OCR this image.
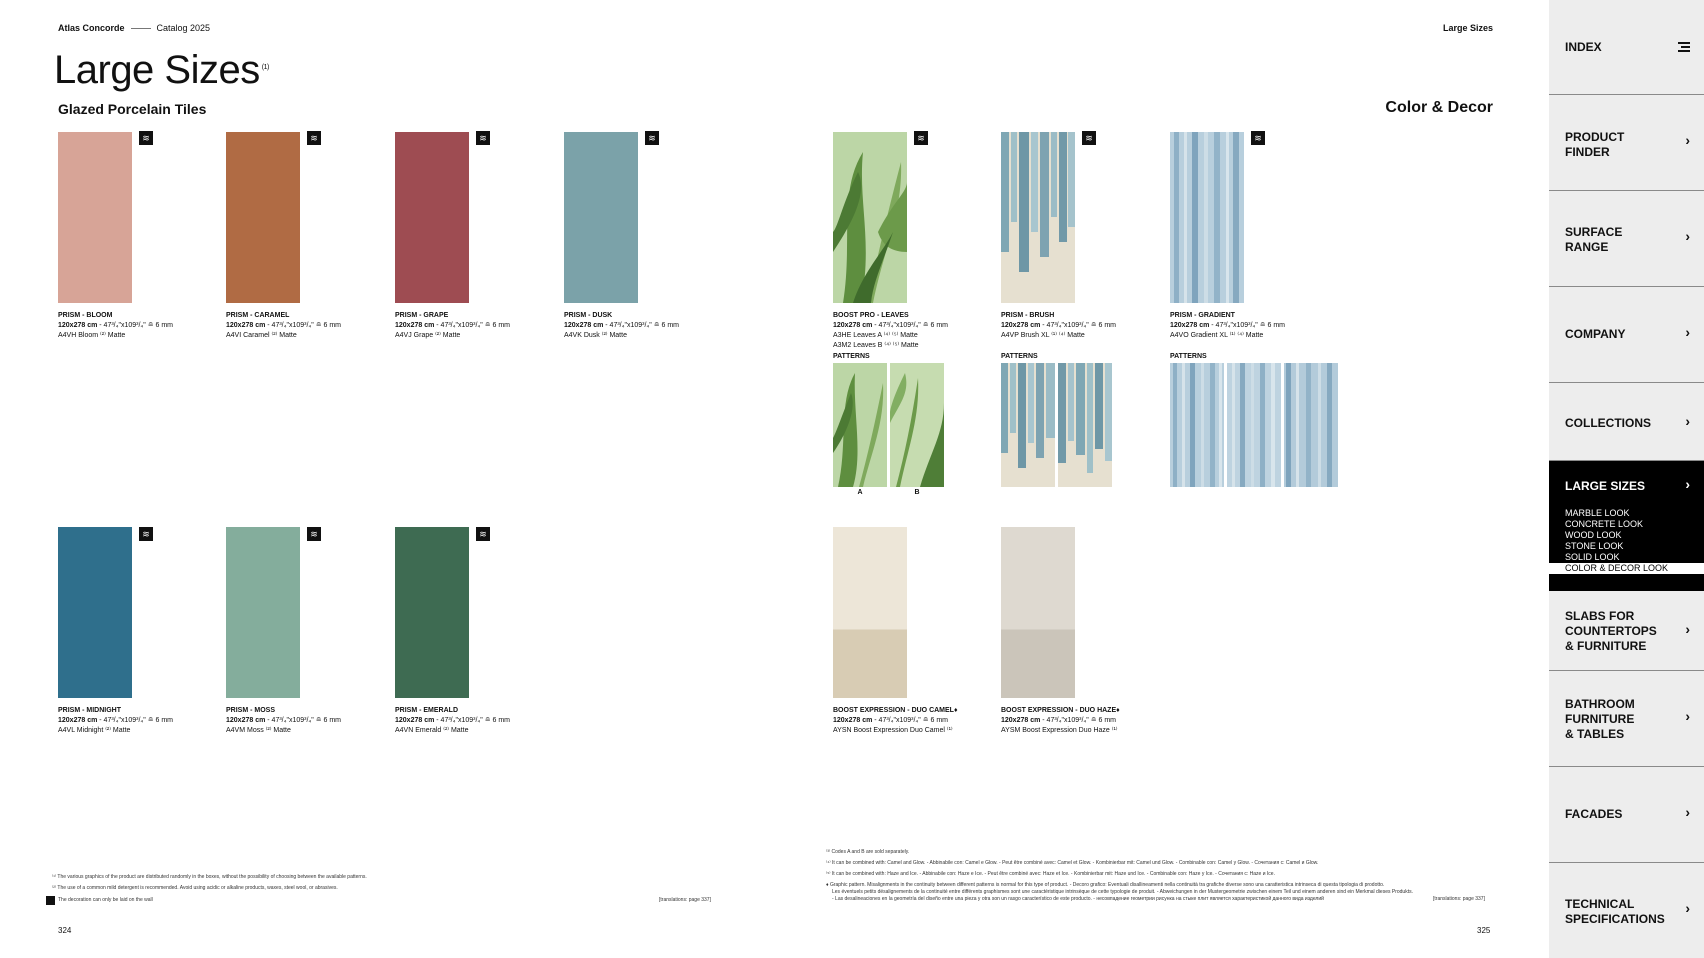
Atlas Concorde	Catalog 2025	Large Sizes
Large Sizes $^{(1)}$
Glazed Porcelain Tiles	Color & Decor
≋	≋	≋	≋	≋	≋	≋
≋	≋	≋
PRISM - BLOOM
120x278 cm - 47³/₄"x109³/₄" ≘ 6 mm
A4VH Bloom ⁽²⁾ Matte
PRISM - CARAMEL
120x278 cm - 47³/₄"x109³/₄" ≘ 6 mm
A4VI Caramel ⁽²⁾ Matte
PRISM - GRAPE
120x278 cm - 47³/₄"x109³/₄" ≘ 6 mm
A4VJ Grape ⁽²⁾ Matte
PRISM - DUSK
120x278 cm - 47³/₄"x109³/₄" ≘ 6 mm
A4VK Dusk ⁽²⁾ Matte
BOOST PRO - LEAVES
120x278 cm - 47³/₄"x109³/₄" ≘ 6 mm
A3HE Leaves A ⁽⁴⁾ ⁽⁵⁾ Matte
A3M2 Leaves B ⁽⁴⁾ ⁽⁵⁾ Matte
PRISM - BRUSH
120x278 cm - 47³/₄"x109³/₄" ≘ 6 mm
A4VP Brush XL ⁽¹⁾ ⁽⁴⁾ Matte
PRISM - GRADIENT
120x278 cm - 47³/₄"x109³/₄" ≘ 6 mm
A4VO Gradient XL ⁽¹⁾ ⁽⁴⁾ Matte
PATTERNS	PATTERNS	PATTERNS
A	B
PRISM - MIDNIGHT
120x278 cm - 47³/₄"x109³/₄" ≘ 6 mm
A4VL Midnight ⁽²⁾ Matte
PRISM - MOSS
120x278 cm - 47³/₄"x109³/₄" ≘ 6 mm
A4VM Moss ⁽²⁾ Matte
PRISM - EMERALD
120x278 cm - 47³/₄"x109³/₄" ≘ 6 mm
A4VN Emerald ⁽²⁾ Matte
BOOST EXPRESSION - DUO CAMEL♦
120x278 cm - 47³/₄"x109³/₄" ≘ 6 mm
AYSN Boost Expression Duo Camel ⁽¹⁾
BOOST EXPRESSION - DUO HAZE♦
120x278 cm - 47³/₄"x109³/₄" ≘ 6 mm
AYSM Boost Expression Duo Haze ⁽¹⁾
⁽¹⁾ The various graphics of the product are distributed randomly in the boxes, without the possibility of choosing between the available patterns.
⁽²⁾ The use of a common mild detergent is recommended. Avoid using acidic or alkaline products, waxes, steel wool, or abrasives.
The decoration can only be laid on the wall	[translations: page 337]
⁽³⁾ Codes A and B are sold separately.
⁽⁴⁾ It can be combined with: Camel and Glow. - Abbinabile con: Camel e Glow. - Peut être combiné avec: Camel et Glow. - Kombinierbar mit: Camel und Glow. - Combinable con: Camel y Glow. - Сочетания с: Camel и Glow.
⁽⁵⁾ It can be combined with: Haze and Ice. - Abbinabile con: Haze e Ice. - Peut être combiné avec: Haze et Ice. - Kombinierbar mit: Haze und Ice. - Combinable con: Haze y Ice. - Сочетания с: Haze и Ice.
♦ Graphic pattern. Misalignments in the continuity between different patterns is normal for this type of product. - Decoro grafico: Eventuali disallineamenti nella continuità tra grafiche diverse sono una caratteristica intrinseca di questa tipologia di prodotto.
Les éventuels petits désalignements de la continuité entre différents graphismes sont une caractéristique intrinsèque de cette typologie de produit. - Abweichungen in der Mustergeometrie zwischen einem Teil und einem anderen sind ein Merkmal dieses Produkts.
- Las desalineaciones en la geometría del diseño entre una pieza y otra son un rasgo característico de este producto. - несовпадение геометрии рисунка на стыке плит является характеристикой данного вида изделий	[translations: page 337]
324	325
INDEX
PRODUCT
FINDER
›
SURFACE
RANGE
›
COMPANY	›
COLLECTIONS ›
LARGE SIZES	›
MARBLE LOOK
CONCRETE LOOK
WOOD LOOK
STONE LOOK
SOLID LOOK
COLOR & DECOR LOOK
SLABS FOR
COUNTERTOPS
& FURNITURE
›
BATHROOM
FURNITURE
& TABLES
›
FACADES	›
TECHNICAL
SPECIFICATIONS
›
